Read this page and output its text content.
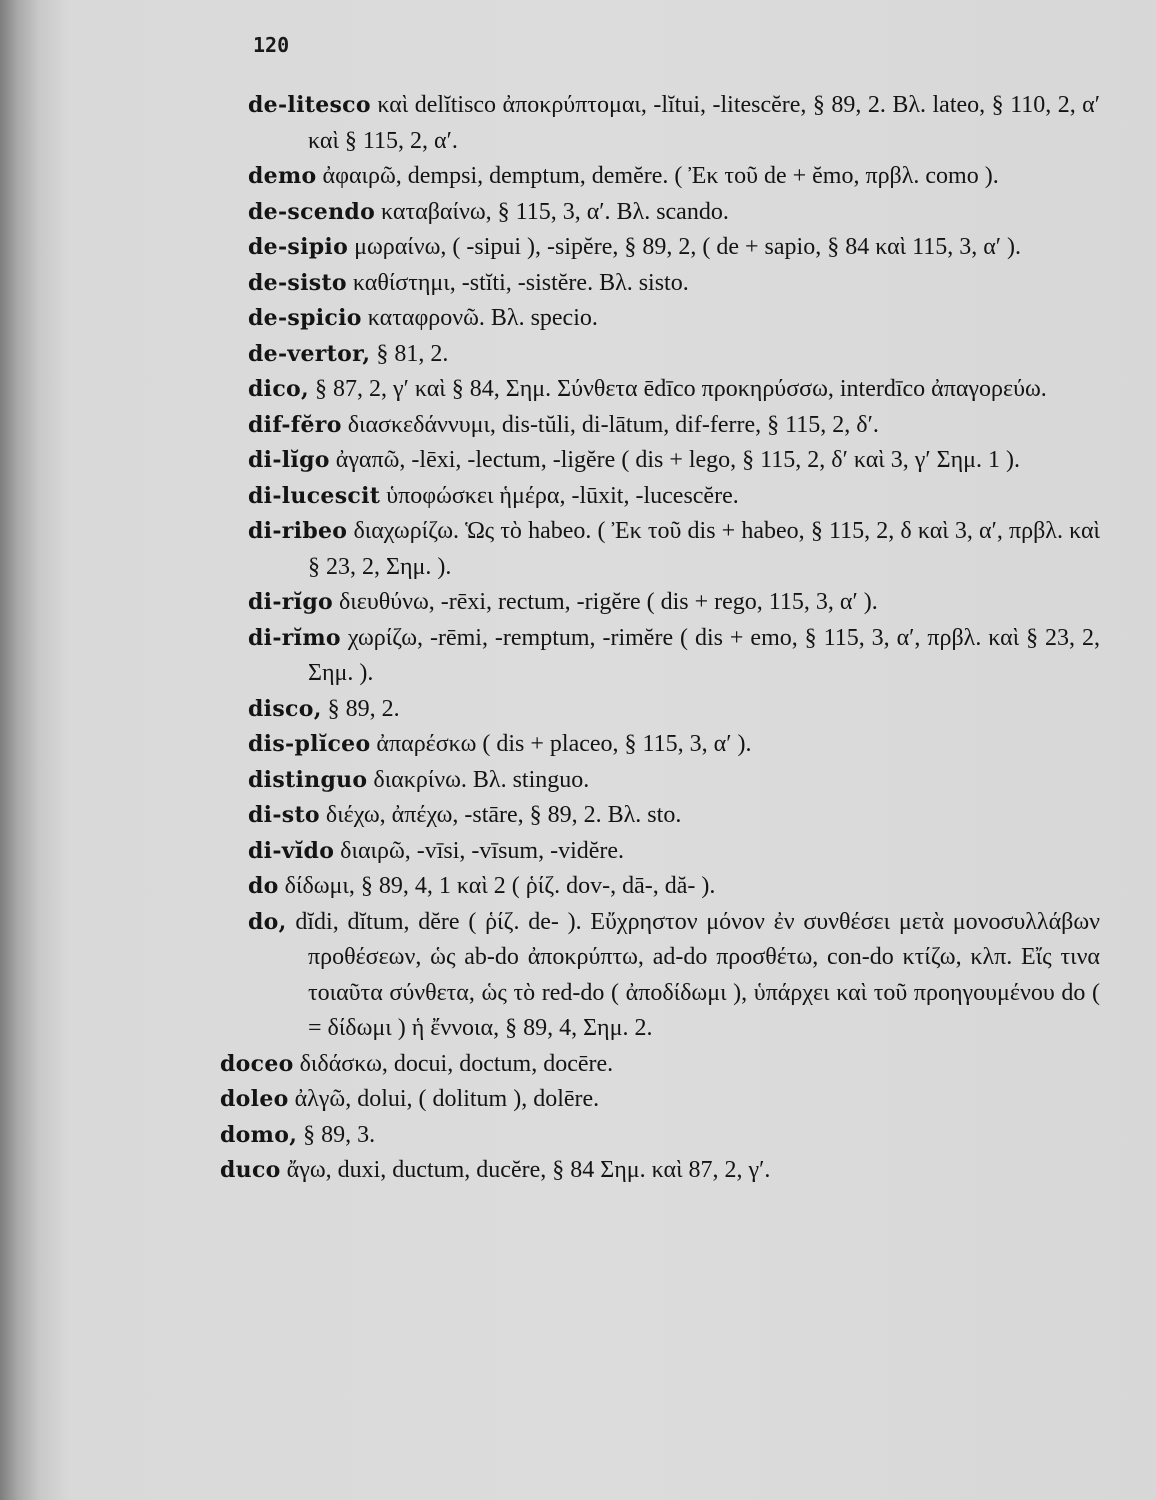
120

de-litesco καὶ delĭtisco ἀποκρύπτομαι, -lĭtui, -litescĕre, § 89, 2. Βλ. lateo, § 110, 2, α′ καὶ § 115, 2, α′.

demo ἀφαιρῶ, dempsi, demptum, demĕre. ( Ἐκ τοῦ de + ĕmo, πρβλ. como ).

de-scendo καταβαίνω, § 115, 3, α′. Βλ. scando.

de-sipio μωραίνω, ( -sipui ), -sipĕre, § 89, 2, ( de + sapio, § 84 καὶ 115, 3, α′ ).

de-sisto καθίστημι, -stĭti, -sistĕre. Βλ. sisto.

de-spicio καταφρονῶ. Βλ. specio.

de-vertor, § 81, 2.

dico, § 87, 2, γ′ καὶ § 84, Σημ. Σύνθετα ēdīco προκηρύσσω, interdīco ἀπαγορεύω.

dif-fĕro διασκεδάννυμι, dis-tŭli, di-lātum, dif-ferre, § 115, 2, δ′.

di-lĭgo ἀγαπῶ, -lēxi, -lectum, -ligĕre ( dis + lego, § 115, 2, δ′ καὶ 3, γ′ Σημ. 1 ).

di-lucescit ὑποφώσκει ἡμέρα, -lūxit, -lucescĕre.

di-ribeo διαχωρίζω. Ὡς τὸ habeo. ( Ἐκ τοῦ dis + habeo, § 115, 2, δ καὶ 3, α′, πρβλ. καὶ § 23, 2, Σημ. ).

di-rĭgo διευθύνω, -rēxi, rectum, -rigĕre ( dis + rego, 115, 3, α′ ).

di-rĭmo χωρίζω, -rēmi, -remptum, -rimĕre ( dis + emo, § 115, 3, α′, πρβλ. καὶ § 23, 2, Σημ. ).

disco, § 89, 2.

dis-plĭceo ἀπαρέσκω ( dis + placeo, § 115, 3, α′ ).

distinguo διακρίνω. Βλ. stinguo.

di-sto διέχω, ἀπέχω, -stāre, § 89, 2. Βλ. sto.

di-vĭdo διαιρῶ, -vīsi, -vīsum, -vidĕre.

do δίδωμι, § 89, 4, 1 καὶ 2 ( ῥίζ. dov-, dā-, dă- ).

do, dĭdi, dĭtum, dĕre ( ῥίζ. de- ). Εὔχρηστον μόνον ἐν συνθέσει μετὰ μονοσυλλάβων προθέσεων, ὡς ab-do ἀποκρύπτω, ad-do προσθέτω, con-do κτίζω, κλπ. Εἴς τινα τοιαῦτα σύνθετα, ὡς τὸ red-do ( ἀποδίδωμι ), ὑπάρχει καὶ τοῦ προηγουμένου do ( = δίδωμι ) ἡ ἔννοια, § 89, 4, Σημ. 2.

doceo διδάσκω, docui, doctum, docēre.

doleo ἀλγῶ, dolui, ( dolitum ), dolēre.

domo, § 89, 3.

duco ἄγω, duxi, ductum, ducĕre, § 84 Σημ. καὶ 87, 2, γ′.
